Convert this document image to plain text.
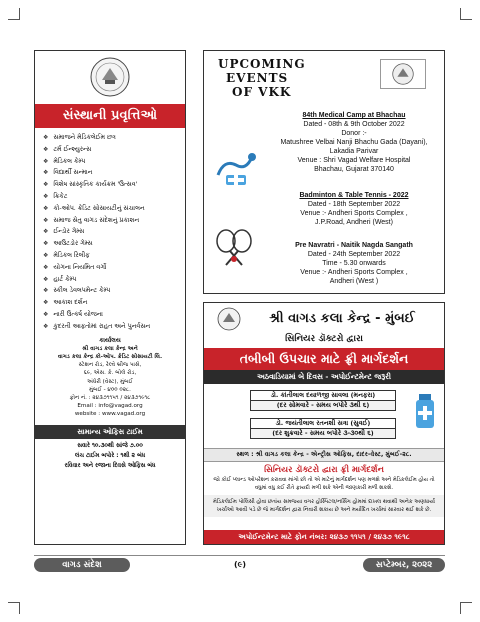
સંસ્થાની પ્રવૃત્તિઓ
❖ સમાજને મેડિકલેઈમ છત્ર
❖ ટર્મ ઈન્શ્યુરન્સ
❖ મેડિકલ કેમ્પ
❖ વિદ્યાર્થી સન્માન
❖ વિશેષ સાંસ્કૃતિક કાર્યક્રમ 'ઉત્સવ'
❖ ક્રિકેટ
❖ કો-ઓપ. ક્રેડિટ સોસાયટીનું સંચાલન
❖ સમાજ સેતુ વાગડ સંદેશનું પ્રકાશન
❖ ઈન્ડોર ગેમ્સ
❖ આઉટડોર ગેમ્સ
❖ મેડિકલ રિલીફ
❖ યોગના નિયમિત વર્ગો
❖ હાર્ટ કેમ્પ
❖ સ્કીલ ડેવલપમેન્ટ કેમ્પ
❖ આકાશ દર્શન
❖ નારી ઉત્કર્ષ યોજના
❖ કુદરતી આફતોમાં રાહત અને પુનર્વસન
કાર્યાલય
શ્રી વાગડ કલા કેન્દ્ર અને
વાગડ કલા કેન્દ્ર કો-ઓપ. ક્રેડિટ સોસાયટી લિ.
સ્ટેશન રોડ, રેલ્વે બ્રીજ પાસે,
૬૯, એસ. કે. બોલે રોડ,
અંધેરી (વેસ્ટ), મુંબઈ
મુંબઈ - ૪૦૦ ૦૨૮.
ફોન નં. : ૨૪૩૭૧૧૫૧ / ૨૪૩૭૧૯૧૮
Email : info@vagad.org
website : www.vagad.org
સામાન્ય ઓફિસ ટાઈમ
સવારે ૧૦.૩૦થી સાંજે ૭.૦૦
લંચ ટાઈમ બપોરે : ૧થી ૨ બંધ
રવિવાર અને રજાના દિવસે ઓફિસ બંધ
UPCOMING
EVENTS
OF VKK
84th Medical Camp at Bhachau
Dated - 08th & 9th October 2022
Donor :-
Matushree Velbai Nanji Bhachu Gada (Dayani),
Lakadia Parivar
Venue : Shri Vagad Welfare Hospital
Bhachau, Gujarat 370140
Badminton & Table Tennis - 2022
Dated - 18th September 2022
Venue :- Andheri Sports Complex ,
J.P.Road, Andheri (West)
Pre Navratri - Naitik Nagda Sangath
Dated - 24th September 2022
Time - 5.30 onwards
Venue :- Andheri Sports Complex ,
Andheri (West )
શ્રી વાગડ કલા કેન્દ્ર - મુંબઈ
સિનિયર ડૉક્ટરો દ્વારા
તબીબી ઉપચાર માટે ફ્રી માર્ગદર્શન
અઠવાડિયામાં બે દિવસ - અપોઈન્ટમેન્ટ જરૂરી
ડો. કાંતીલાલ દયાળજી સાવલા (મનફરા)
(દર સોમવારે - સમય બપોરે ૩થી ૬)
ડો. જયંતીલાલ રતનશી સત્રા (સુવઈ)
(દર શુક્રવારે - સમય બપોરે ૩-૩૦થી ૬)
સ્થળ : શ્રી વાગડ કલા કેન્દ્ર - એન્ટ્રીસ ઓફિસ, દાદર-વેસ્ટ, મુંબઈ-૨૮.
સિનિયર ડૉક્ટરો દ્વારા ફ્રી માર્ગદર્શન
જો કોઈ પ્લાન્ડ ઓપરેશન કરાવવા માંગો છો તો એ માટેનું માર્ગદર્શન પણ મળશે અને મેડિકલેઈમ હોય તો વધુમાં વધુ કઈ રીતે ફાયદો મળી શકે એની જાણકારી મળી શકશે.
મેડિકલેઈમ પોલિસી હોવા છતાંય સમજયા વગર હોસ્પિટલ/નર્સિંગ હોમમાં દાખલ થવાથી અનેક અણધાર્યા ખર્ચાઓ આવી પડે છે જે માર્ગદર્શન દ્વારા નિવારી શકાય છે અને મર્યાદિત ખર્ચામાં સારવાર થઈ શકે છે.
અપોઈન્ટમેન્ટ માટે ફોન નંબર: ૨૪૩૭ ૧૧૫૧ / ૨૪૩૭ ૧૯૧૮
વાગડ સંદેશ	(૯)	સપ્ટેમ્બર, ૨૦૨૨
